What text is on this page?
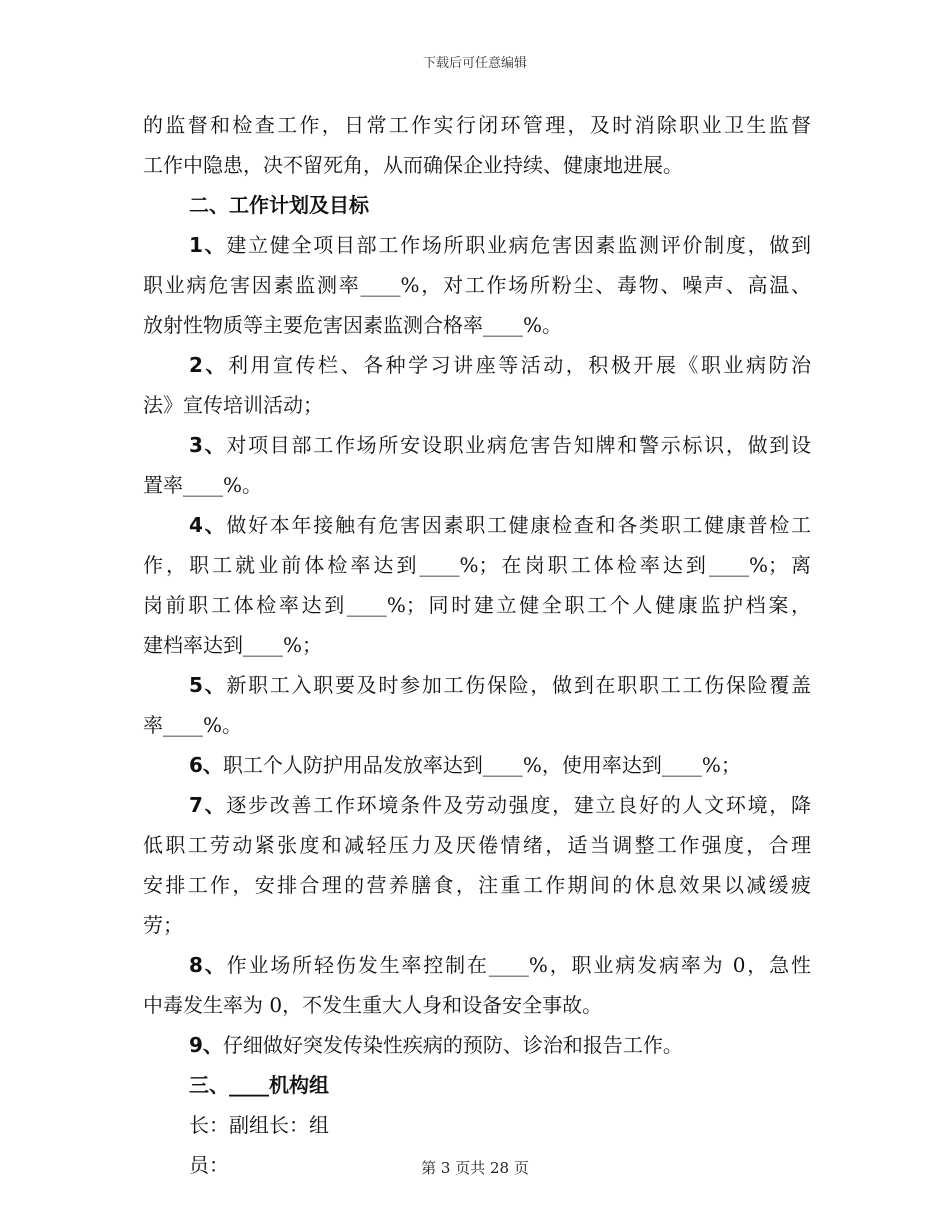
下载后可任意编辑
的监督和检查工作，日常工作实行闭环管理，及时消除职业卫生监督
工作中隐患，决不留死角，从而确保企业持续、健康地进展。
二、工作计划及目标
1、建立健全项目部工作场所职业病危害因素监测评价制度，做到
职业病危害因素监测率____%，对工作场所粉尘、毒物、噪声、高温、
放射性物质等主要危害因素监测合格率____%。
2、利用宣传栏、各种学习讲座等活动，积极开展《职业病防治
法》宣传培训活动；
3、对项目部工作场所安设职业病危害告知牌和警示标识，做到设
置率____%。
4、做好本年接触有危害因素职工健康检查和各类职工健康普检工
作，职工就业前体检率达到____%；在岗职工体检率达到____%；离
岗前职工体检率达到____%；同时建立健全职工个人健康监护档案，
建档率达到____%；
5、新职工入职要及时参加工伤保险，做到在职职工工伤保险覆盖
率____%。
6、职工个人防护用品发放率达到____%，使用率达到____%；
7、逐步改善工作环境条件及劳动强度，建立良好的人文环境，降
低职工劳动紧张度和减轻压力及厌倦情绪，适当调整工作强度，合理
安排工作，安排合理的营养膳食，注重工作期间的休息效果以减缓疲
劳；
8、作业场所轻伤发生率控制在____%，职业病发病率为 0，急性
中毒发生率为 0，不发生重大人身和设备安全事故。
9、仔细做好突发传染性疾病的预防、诊治和报告工作。
三、____机构组
长：副组长：组
员：	第 3 页共 28 页
